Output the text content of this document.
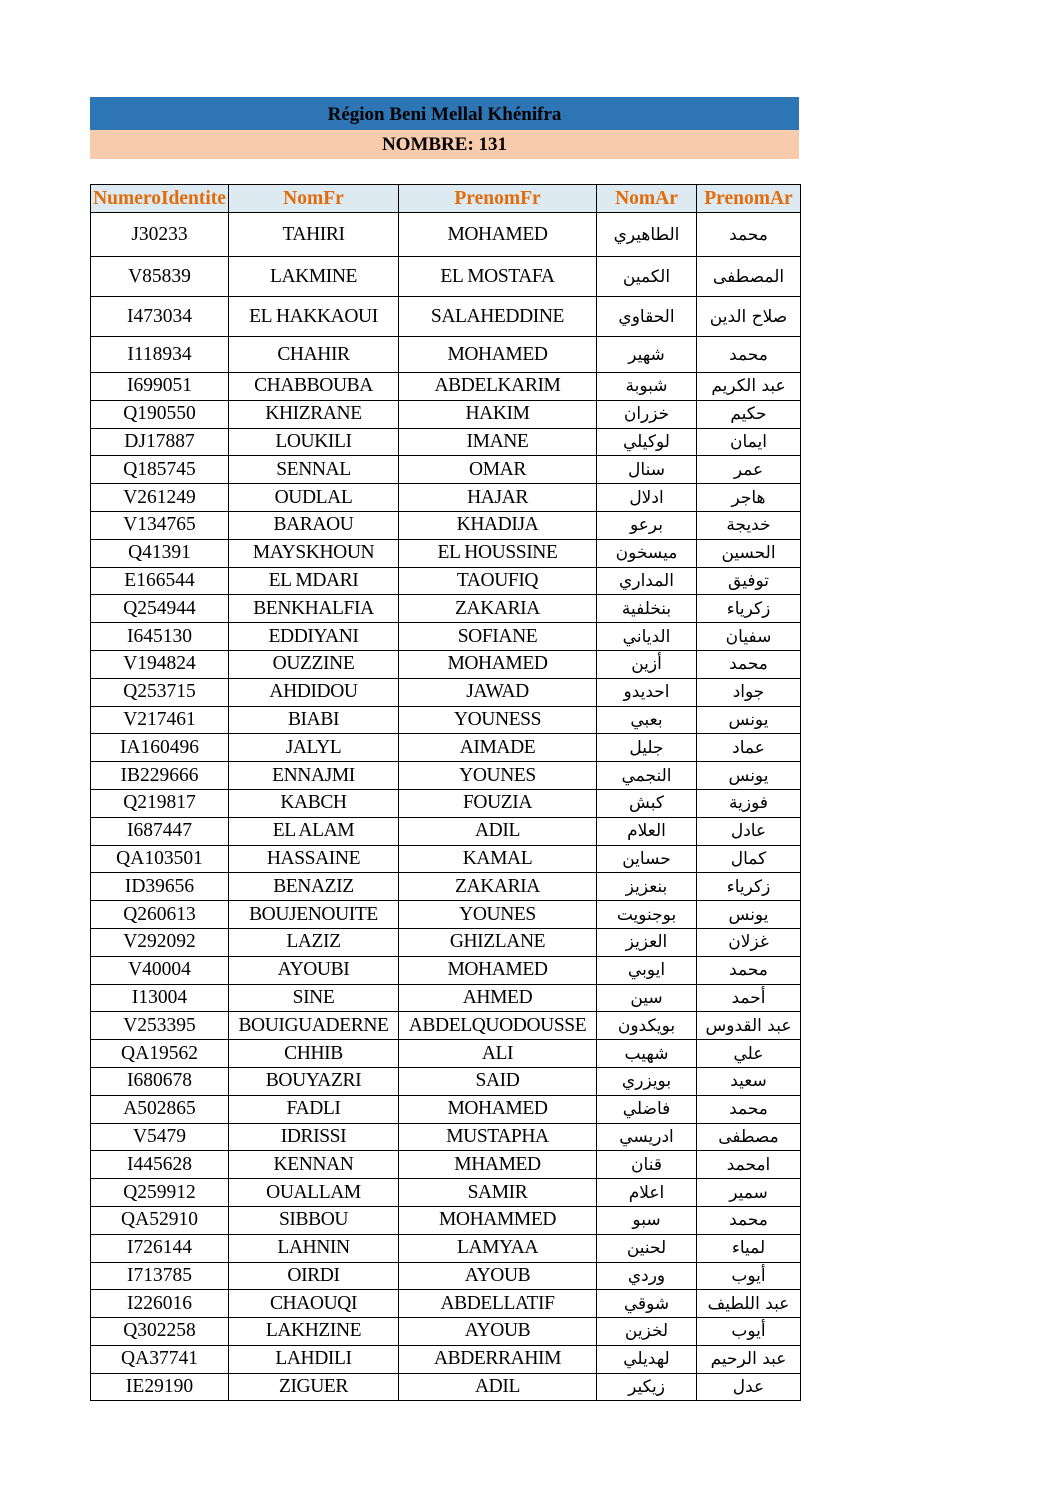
Région Beni Mellal Khénifra
NOMBRE: 131
NumeroIdentite	NomFr	PrenomFr	NomAr	PrenomAr
J30233	TAHIRI	MOHAMED	الطاهيري	محمد
V85839	LAKMINE	EL MOSTAFA	الكمين	المصطفى
I473034	EL HAKKAOUI	SALAHEDDINE	الحقاوي	صلاح الدين
I118934	CHAHIR	MOHAMED	شهير	محمد
I699051	CHABBOUBA	ABDELKARIM	شبوبة	عبد الكريم
Q190550	KHIZRANE	HAKIM	خزران	حكيم
DJ17887	LOUKILI	IMANE	لوكيلي	ايمان
Q185745	SENNAL	OMAR	سنال	عمر
V261249	OUDLAL	HAJAR	ادلال	هاجر
V134765	BARAOU	KHADIJA	برعو	خديجة
Q41391	MAYSKHOUN	EL HOUSSINE	ميسخون	الحسين
E166544	EL MDARI	TAOUFIQ	المداري	توفيق
Q254944	BENKHALFIA	ZAKARIA	بنخلفية	زكرياء
I645130	EDDIYANI	SOFIANE	الدياني	سفيان
V194824	OUZZINE	MOHAMED	أزين	محمد
Q253715	AHDIDOU	JAWAD	احديدو	جواد
V217461	BIABI	YOUNESS	بعبي	يونس
IA160496	JALYL	AIMADE	جليل	عماد
IB229666	ENNAJMI	YOUNES	النجمي	يونس
Q219817	KABCH	FOUZIA	كبش	فوزية
I687447	EL ALAM	ADIL	العلام	عادل
QA103501	HASSAINE	KAMAL	حساين	كمال
ID39656	BENAZIZ	ZAKARIA	بنعزيز	زكرياء
Q260613	BOUJENOUITE	YOUNES	بوجنويت	يونس
V292092	LAZIZ	GHIZLANE	العزيز	غزلان
V40004	AYOUBI	MOHAMED	ايوبي	محمد
I13004	SINE	AHMED	سين	أحمد
V253395	BOUIGUADERNE	ABDELQUODOUSSE	بويكدون	عبد القدوس
QA19562	CHHIB	ALI	شهيب	علي
I680678	BOUYAZRI	SAID	بويزري	سعيد
A502865	FADLI	MOHAMED	فاضلي	محمد
V5479	IDRISSI	MUSTAPHA	ادريسي	مصطفى
I445628	KENNAN	MHAMED	قنان	امحمد
Q259912	OUALLAM	SAMIR	اعلام	سمير
QA52910	SIBBOU	MOHAMMED	سبو	محمد
I726144	LAHNIN	LAMYAA	لحنين	لمياء
I713785	OIRDI	AYOUB	وردي	أيوب
I226016	CHAOUQI	ABDELLATIF	شوقي	عبد اللطيف
Q302258	LAKHZINE	AYOUB	لخزين	أيوب
QA37741	LAHDILI	ABDERRAHIM	لهديلي	عبد الرحيم
IE29190	ZIGUER	ADIL	زيكير	عدل
